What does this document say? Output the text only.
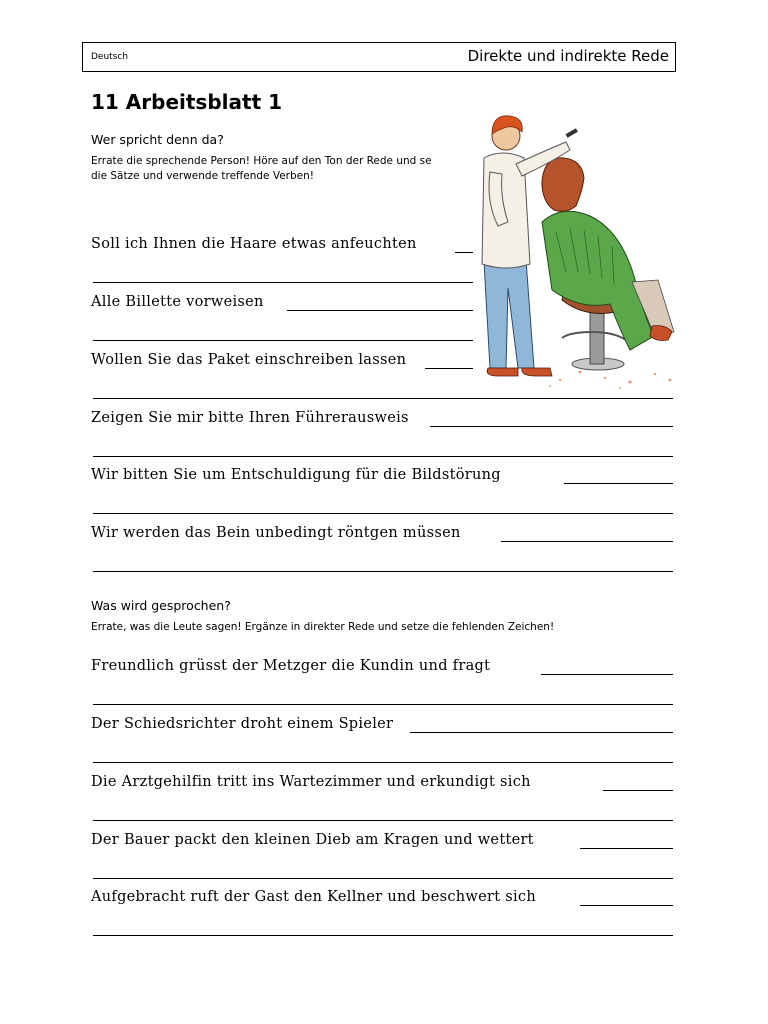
Deutsch	Direkte und indirekte Rede
11 Arbeitsblatt 1

Wer spricht denn da?

Errate die sprechende Person! Höre auf den Ton der Rede und se

die Sätze und verwende treffende Verben!

Soll ich Ihnen die Haare etwas anfeuchten
Alle Billette vorweisen
Wollen Sie das Paket einschreiben lassen
Zeigen Sie mir bitte Ihren Führerausweis
Wir bitten Sie um Entschuldigung für die Bildstörung
Wir werden das Bein unbedingt röntgen müssen

Was wird gesprochen?

Errate, was die Leute sagen! Ergänze in direkter Rede und setze die fehlenden Zeichen!

Freundlich grüsst der Metzger die Kundin und fragt
Der Schiedsrichter droht einem Spieler
Die Arztgehilfin tritt ins Wartezimmer und erkundigt sich
Der Bauer packt den kleinen Dieb am Kragen und wettert
Aufgebracht ruft der Gast den Kellner und beschwert sich
